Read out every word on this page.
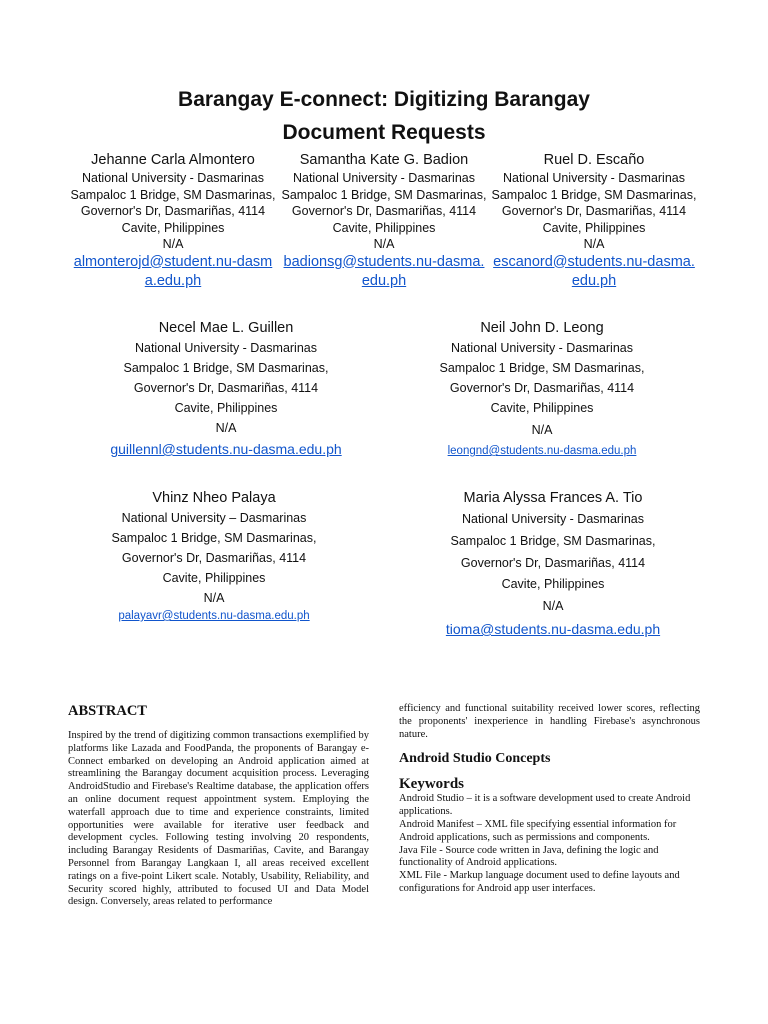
Barangay E-connect: Digitizing Barangay
Document Requests
Jehanne Carla Almontero
National University - Dasmarinas
Sampaloc 1 Bridge, SM Dasmarinas,
Governor's Dr, Dasmariñas, 4114
Cavite, Philippines
N/A
almonterojd@student.nu-dasm
a.edu.ph
Samantha Kate G. Badion
National University - Dasmarinas
Sampaloc 1 Bridge, SM Dasmarinas,
Governor's Dr, Dasmariñas, 4114
Cavite, Philippines
N/A
badionsg@students.nu-dasma.
edu.ph
Ruel D. Escaño
National University - Dasmarinas
Sampaloc 1 Bridge, SM Dasmarinas,
Governor's Dr, Dasmariñas, 4114
Cavite, Philippines
N/A
escanord@students.nu-dasma.
edu.ph
Necel Mae L. Guillen
National University - Dasmarinas
Sampaloc 1 Bridge, SM Dasmarinas,
Governor's Dr, Dasmariñas, 4114
Cavite, Philippines
N/A
guillennl@students.nu-dasma.edu.ph
Neil John D. Leong
National University - Dasmarinas
Sampaloc 1 Bridge, SM Dasmarinas,
Governor's Dr, Dasmariñas, 4114
Cavite, Philippines
N/A
leongnd@students.nu-dasma.edu.ph
Vhinz Nheo Palaya
National University – Dasmarinas
Sampaloc 1 Bridge, SM Dasmarinas,
Governor's Dr, Dasmariñas, 4114
Cavite, Philippines
N/A
palayavr@students.nu-dasma.edu.ph
Maria Alyssa Frances A. Tio
National University - Dasmarinas
Sampaloc 1 Bridge, SM Dasmarinas,
Governor's Dr, Dasmariñas, 4114
Cavite, Philippines
N/A
tioma@students.nu-dasma.edu.ph
ABSTRACT

Inspired by the trend of digitizing common transactions exemplified by platforms like Lazada and FoodPanda, the proponents of Barangay e-Connect embarked on developing an Android application aimed at streamlining the Barangay document acquisition process. Leveraging AndroidStudio and Firebase's Realtime database, the application offers an online document request appointment system. Employing the waterfall approach due to time and experience constraints, limited opportunities were available for iterative user feedback and development cycles. Following testing involving 20 respondents, including Barangay Residents of Dasmariñas, Cavite, and Barangay Personnel from Barangay Langkaan I, all areas received excellent ratings on a five-point Likert scale. Notably, Usability, Reliability, and Security scored highly, attributed to focused UI and Data Model design. Conversely, areas related to performance

efficiency and functional suitability received lower scores, reflecting the proponents' inexperience in handling Firebase's asynchronous nature.

Android Studio Concepts
Keywords

Android Studio – it is a software development used to create Android applications.

Android Manifest – XML file specifying essential information for Android applications, such as permissions and components.

Java File - Source code written in Java, defining the logic and functionality of Android applications.

XML File - Markup language document used to define layouts and configurations for Android app user interfaces.
